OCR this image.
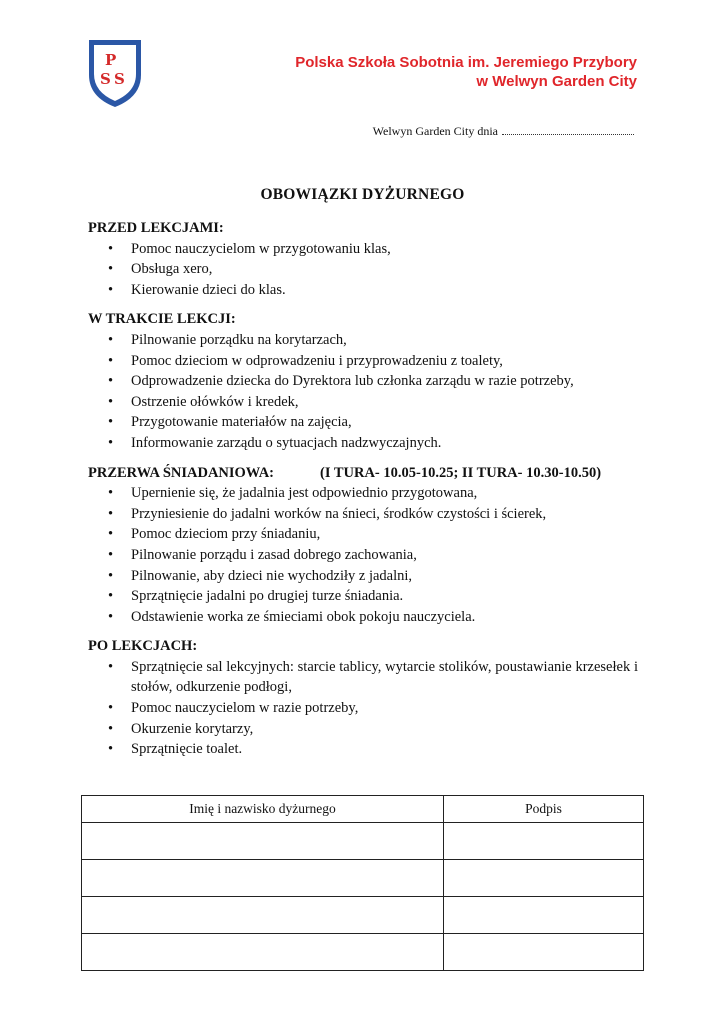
P
S S
Polska Szkoła Sobotnia im. Jeremiego Przybory
w Welwyn Garden City
Welwyn Garden City dnia
OBOWIĄZKI DYŻURNEGO
PRZED LEKCJAMI:
• Pomoc nauczycielom w przygotowaniu klas,
• Obsługa xero,
• Kierowanie dzieci do klas.
W TRAKCIE LEKCJI:
• Pilnowanie porządku na korytarzach,
• Pomoc dzieciom w odprowadzeniu i przyprowadzeniu z toalety,
• Odprowadzenie dziecka do Dyrektora lub członka zarządu w razie potrzeby,
• Ostrzenie ołówków i kredek,
• Przygotowanie materiałów na zajęcia,
• Informowanie zarządu o sytuacjach nadzwyczajnych.
PRZERWA ŚNIADANIOWA:	(I TURA- 10.05-10.25; II TURA- 10.30-10.50)
• Upernienie się, że jadalnia jest odpowiednio przygotowana,
• Przyniesienie do jadalni worków na śnieci, środków czystości i ścierek,
• Pomoc dzieciom przy śniadaniu,
• Pilnowanie porządu i zasad dobrego zachowania,
• Pilnowanie, aby dzieci nie wychodziły z jadalni,
• Sprzątnięcie jadalni po drugiej turze śniadania.
• Odstawienie worka ze śmieciami obok pokoju nauczyciela.
PO LEKCJACH:
• Sprzątnięcie sal lekcyjnych: starcie tablicy, wytarcie stolików, poustawianie krzesełek i stołów, odkurzenie podłogi,
• Pomoc nauczycielom w razie potrzeby,
• Okurzenie korytarzy,
• Sprzątnięcie toalet.
Imię i nazwisko dyżurnego	Podpis
